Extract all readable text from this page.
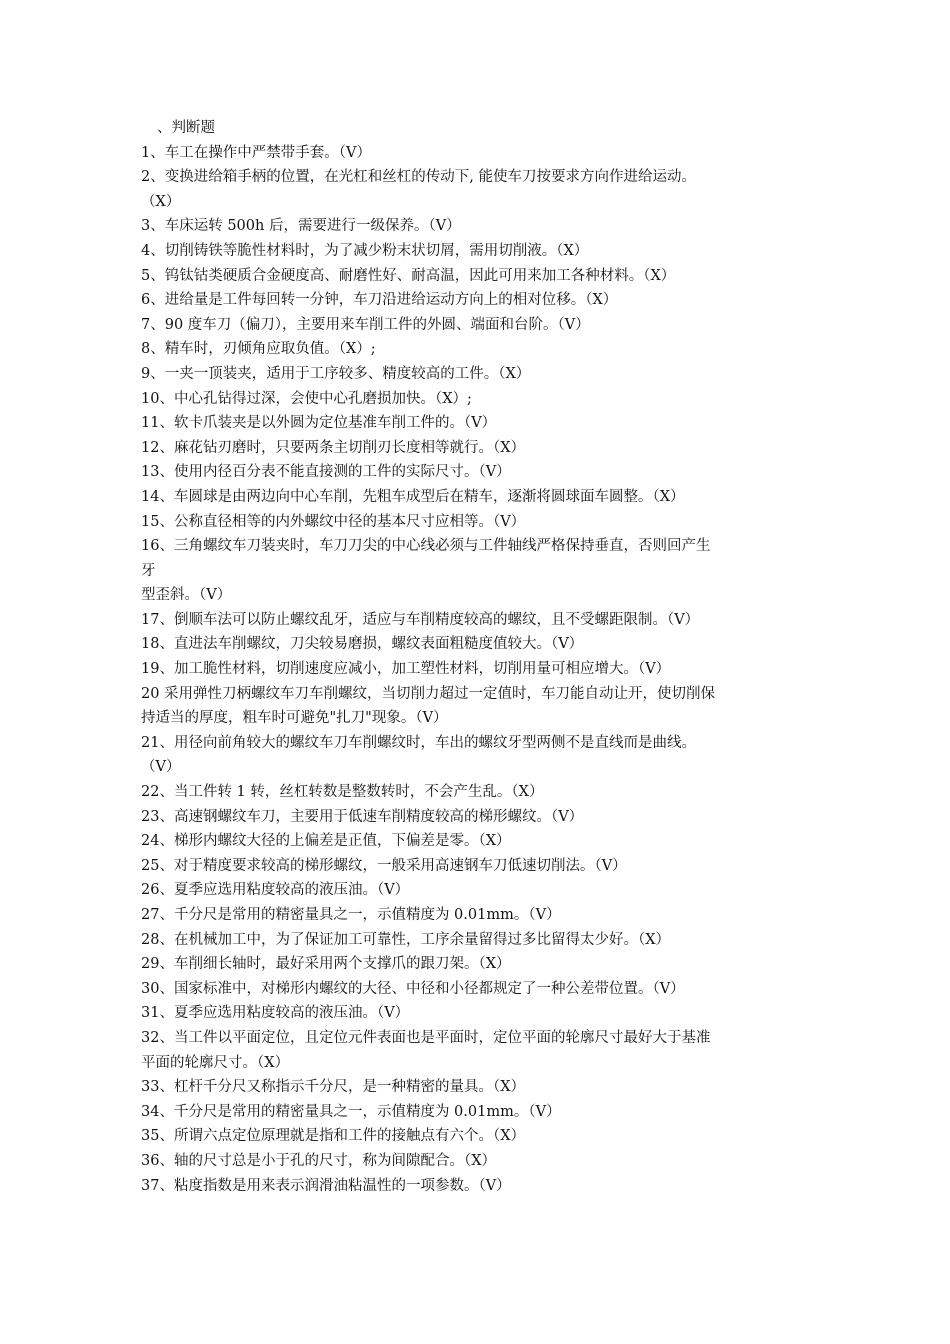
、判断题
1、车工在操作中严禁带手套。（V）
2、变换进给箱手柄的位置，在光杠和丝杠的传动下, 能使车刀按要求方向作进给运动。
（X）
3、车床运转 500h 后，需要进行一级保养。（V）
4、切削铸铁等脆性材料时，为了减少粉末状切屑，需用切削液。（X）
5、钨钛钴类硬质合金硬度高、耐磨性好、耐高温，因此可用来加工各种材料。（X）
6、进给量是工件每回转一分钟，车刀沿进给运动方向上的相对位移。（X）
7、90 度车刀（偏刀），主要用来车削工件的外圆、端面和台阶。（V）
8、精车时，刃倾角应取负值。（X）;
9、一夹一顶装夹，适用于工序较多、精度较高的工件。（X）
10、中心孔钻得过深，会使中心孔磨损加快。（X）;
11、软卡爪装夹是以外圆为定位基准车削工件的。（V）
12、麻花钻刃磨时，只要两条主切削刃长度相等就行。（X）
13、使用内径百分表不能直接测的工件的实际尺寸。（V）
14、车圆球是由两边向中心车削，先粗车成型后在精车，逐渐将圆球面车圆整。（X）
15、公称直径相等的内外螺纹中径的基本尺寸应相等。（V）
16、三角螺纹车刀装夹时，车刀刀尖的中心线必须与工件轴线严格保持垂直，否则回产生
牙
型歪斜。（V）
17、倒顺车法可以防止螺纹乱牙，适应与车削精度较高的螺纹，且不受螺距限制。（V）
18、直进法车削螺纹，刀尖较易磨损，螺纹表面粗糙度值较大。（V）
19、加工脆性材料，切削速度应减小，加工塑性材料，切削用量可相应增大。（V）
20 采用弹性刀柄螺纹车刀车削螺纹，当切削力超过一定值时，车刀能自动让开，使切削保
持适当的厚度，粗车时可避免"扎刀"现象。（V）
21、用径向前角较大的螺纹车刀车削螺纹时，车出的螺纹牙型两侧不是直线而是曲线。
（V）
22、当工件转 1 转，丝杠转数是整数转时，不会产生乱。（X）
23、高速钢螺纹车刀，主要用于低速车削精度较高的梯形螺纹。（V）
24、梯形内螺纹大径的上偏差是正值，下偏差是零。（X）
25、对于精度要求较高的梯形螺纹，一般采用高速钢车刀低速切削法。（V）
26、夏季应选用粘度较高的液压油。（V）
27、千分尺是常用的精密量具之一，示值精度为 0.01mm。（V）
28、在机械加工中，为了保证加工可靠性，工序余量留得过多比留得太少好。（X）
29、车削细长轴时，最好采用两个支撑爪的跟刀架。（X）
30、国家标准中，对梯形内螺纹的大径、中径和小径都规定了一种公差带位置。（V）
31、夏季应选用粘度较高的液压油。（V）
32、当工件以平面定位，且定位元件表面也是平面时，定位平面的轮廓尺寸最好大于基准
平面的轮廓尺寸。（X）
33、杠杆千分尺又称指示千分尺，是一种精密的量具。（X）
34、千分尺是常用的精密量具之一，示值精度为 0.01mm。（V）
35、所谓六点定位原理就是指和工件的接触点有六个。（X）
36、轴的尺寸总是小于孔的尺寸，称为间隙配合。（X）
37、粘度指数是用来表示润滑油粘温性的一项参数。（V）
